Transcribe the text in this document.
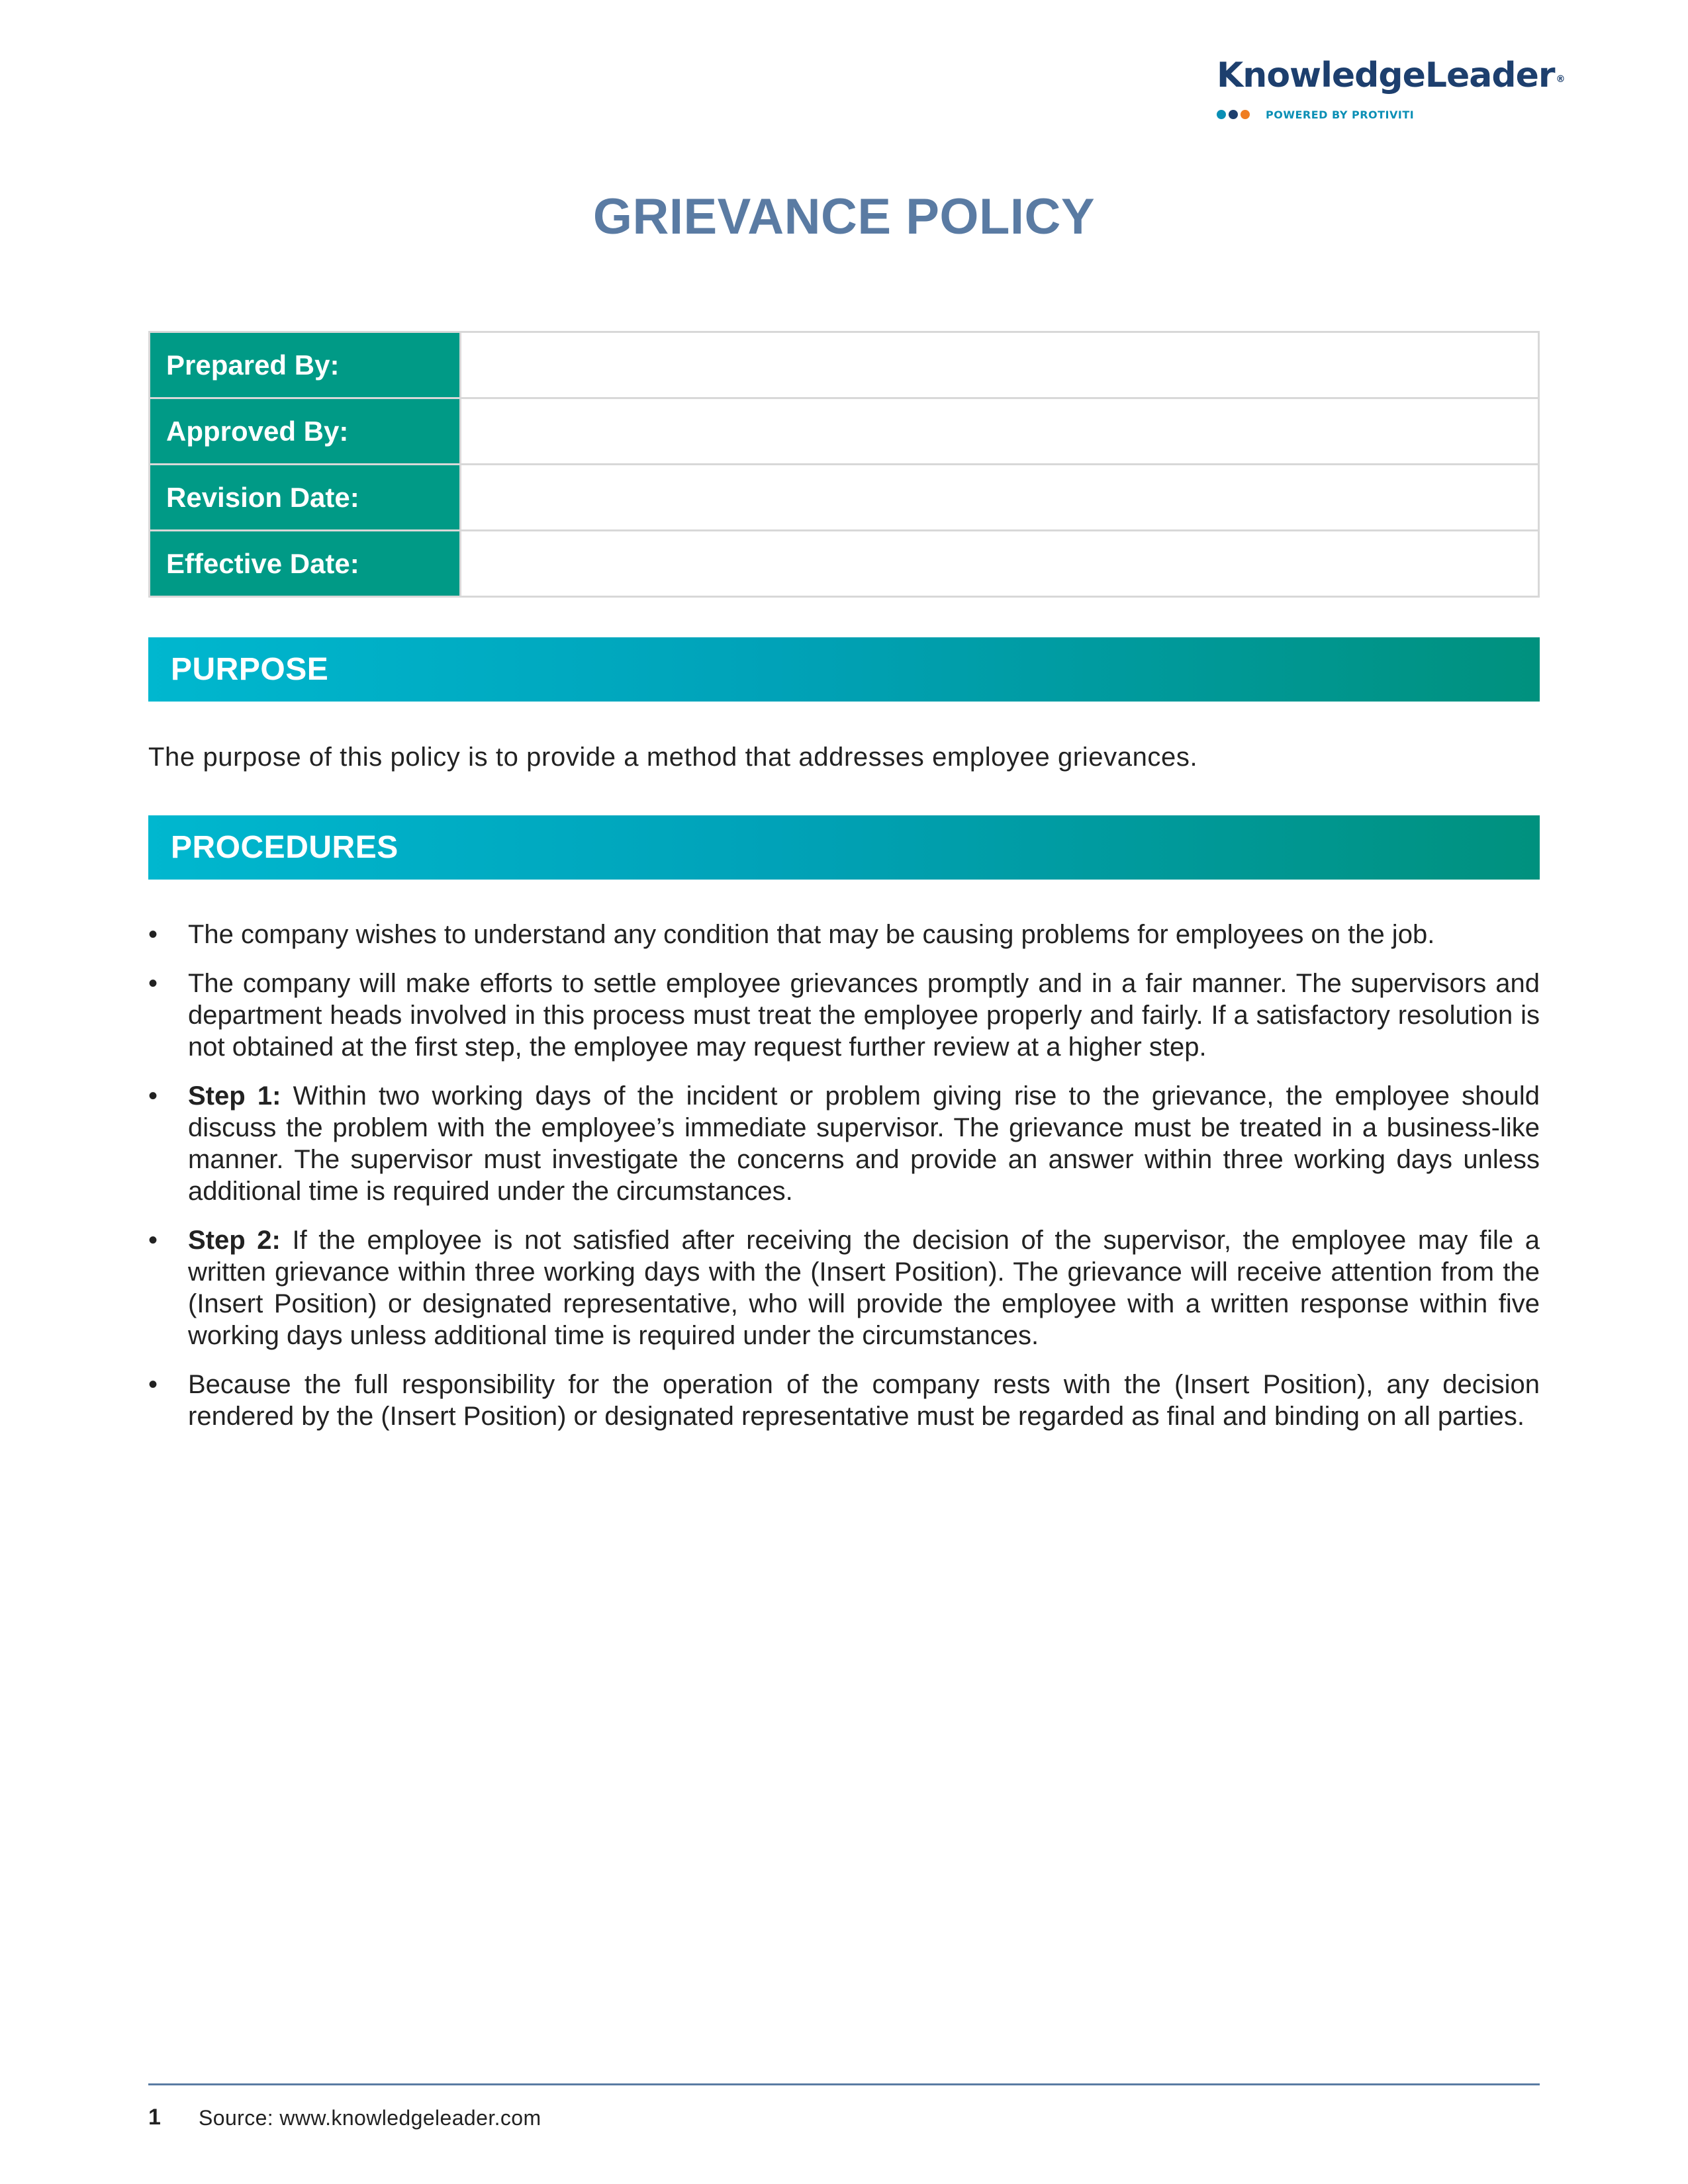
KnowledgeLeader ®
POWERED BY PROTIVITI
GRIEVANCE POLICY
Prepared By:	
Approved By:	
Revision Date:	
Effective Date:	
PURPOSE
The purpose of this policy is to provide a method that addresses employee grievances.
PROCEDURES
•	The company wishes to understand any condition that may be causing problems for employees on the job.
•	The company will make efforts to settle employee grievances promptly and in a fair manner. The supervisors and department heads involved in this process must treat the employee properly and fairly. If a satisfactory resolution is not obtained at the first step, the employee may request further review at a higher step.
•	Step 1: Within two working days of the incident or problem giving rise to the grievance, the employee should discuss the problem with the employee’s immediate supervisor. The grievance must be treated in a business-like manner. The supervisor must investigate the concerns and provide an answer within three working days unless additional time is required under the circumstances.
•	Step 2: If the employee is not satisfied after receiving the decision of the supervisor, the employee may file a written grievance within three working days with the (Insert Position). The grievance will receive attention from the (Insert Position) or designated representative, who will provide the employee with a written response within five working days unless additional time is required under the circumstances.
•	Because the full responsibility for the operation of the company rests with the (Insert Position), any decision rendered by the (Insert Position) or designated representative must be regarded as final and binding on all parties.
1 Source: www.knowledgeleader.com
